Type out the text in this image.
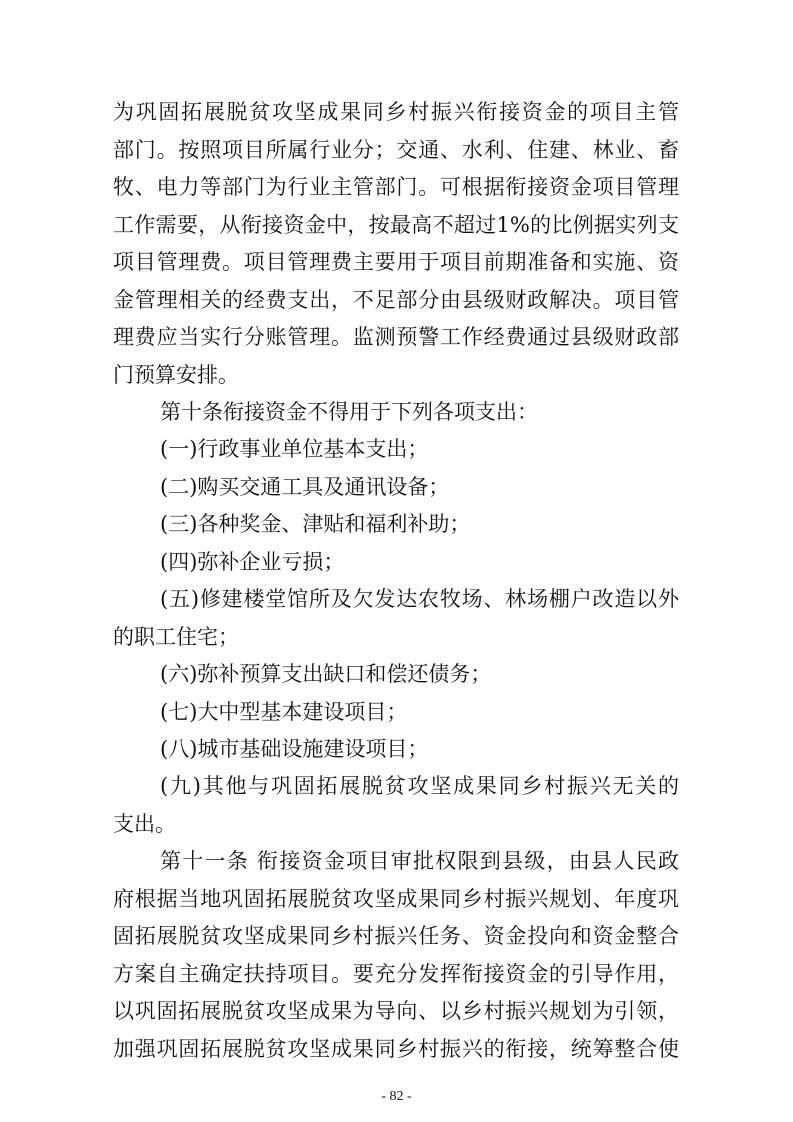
为巩固拓展脱贫攻坚成果同乡村振兴衔接资金的项目主管
部门。按照项目所属行业分；交通、水利、住建、林业、畜
牧、电力等部门为行业主管部门。可根据衔接资金项目管理
工作需要，从衔接资金中，按最高不超过1%的比例据实列支
项目管理费。项目管理费主要用于项目前期准备和实施、资
金管理相关的经费支出，不足部分由县级财政解决。项目管
理费应当实行分账管理。监测预警工作经费通过县级财政部
门预算安排。
第十条衔接资金不得用于下列各项支出：
(一)行政事业单位基本支出；
(二)购买交通工具及通讯设备；
(三)各种奖金、津贴和福利补助；
(四)弥补企业亏损；
(五)修建楼堂馆所及欠发达农牧场、林场棚户改造以外
的职工住宅；
(六)弥补预算支出缺口和偿还债务；
(七)大中型基本建设项目；
(八)城市基础设施建设项目；
(九)其他与巩固拓展脱贫攻坚成果同乡村振兴无关的
支出。
第十一条 衔接资金项目审批权限到县级，由县人民政
府根据当地巩固拓展脱贫攻坚成果同乡村振兴规划、年度巩
固拓展脱贫攻坚成果同乡村振兴任务、资金投向和资金整合
方案自主确定扶持项目。要充分发挥衔接资金的引导作用，
以巩固拓展脱贫攻坚成果为导向、以乡村振兴规划为引领，
加强巩固拓展脱贫攻坚成果同乡村振兴的衔接，统筹整合使
- 82 -
